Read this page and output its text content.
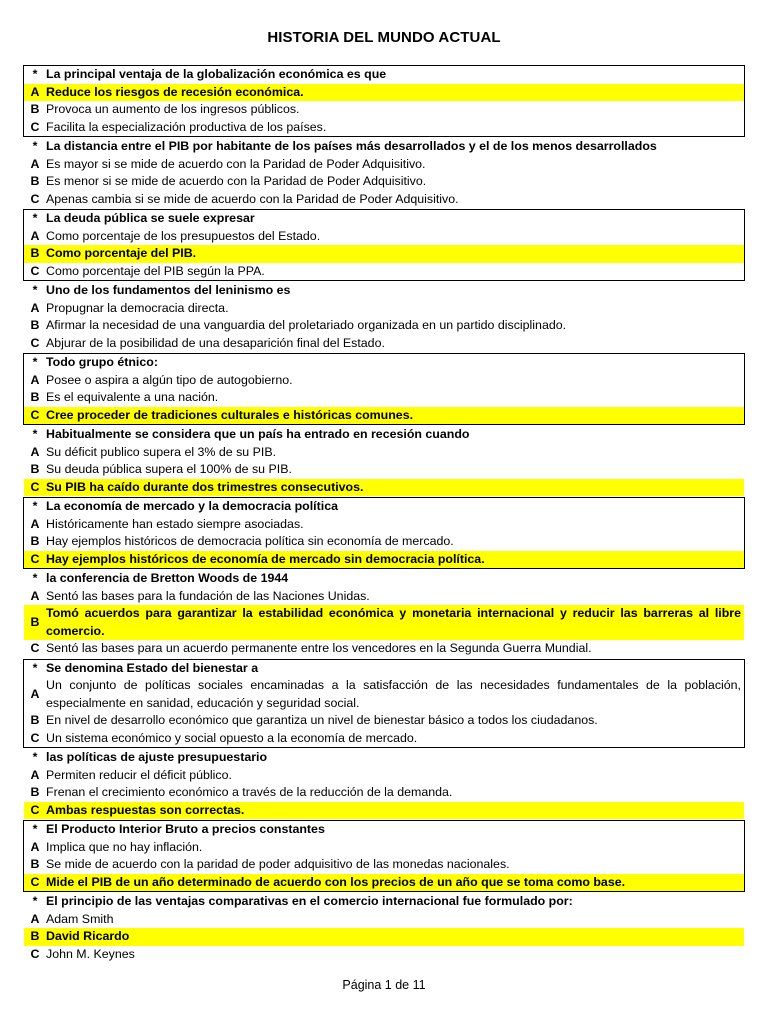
HISTORIA DEL MUNDO ACTUAL
* La principal ventaja de la globalización económica es que
A Reduce los riesgos de recesión económica.
B Provoca un aumento de los ingresos públicos.
C Facilita la especialización productiva de los países.
* La distancia entre el PIB por habitante de los países más desarrollados y el de los menos desarrollados
A Es mayor si se mide de acuerdo con la Paridad de Poder Adquisitivo.
B Es menor si se mide de acuerdo con la Paridad de Poder Adquisitivo.
C Apenas cambia si se mide de acuerdo con la Paridad de Poder Adquisitivo.
* La deuda pública se suele expresar
A Como porcentaje de los presupuestos del Estado.
B Como porcentaje del PIB.
C Como porcentaje del PIB según la PPA.
* Uno de los fundamentos del leninismo es
A Propugnar la democracia directa.
B Afirmar la necesidad de una vanguardia del proletariado organizada en un partido disciplinado.
C Abjurar de la posibilidad de una desaparición final del Estado.
* Todo grupo étnico:
A Posee o aspira a algún tipo de autogobierno.
B Es el equivalente a una nación.
C Cree proceder de tradiciones culturales e históricas comunes.
* Habitualmente se considera que un país ha entrado en recesión cuando
A Su déficit publico supera el 3% de su PIB.
B Su deuda pública supera el 100% de su PIB.
C Su PIB ha caído durante dos trimestres consecutivos.
* La economía de mercado y la democracia política
A Históricamente han estado siempre asociadas.
B Hay ejemplos históricos de democracia política sin economía de mercado.
C Hay ejemplos históricos de economía de mercado sin democracia política.
* la conferencia de Bretton Woods de 1944
A Sentó las bases para la fundación de las Naciones Unidas.
B
Tomó acuerdos para garantizar la estabilidad económica y monetaria internacional y reducir las barreras al libre comercio.
C Sentó las bases para un acuerdo permanente entre los vencedores en la Segunda Guerra Mundial.
* Se denomina Estado del bienestar a
A
Un conjunto de políticas sociales encaminadas a la satisfacción de las necesidades fundamentales de la población, especialmente en sanidad, educación y seguridad social.
B En nivel de desarrollo económico que garantiza un nivel de bienestar básico a todos los ciudadanos.
C Un sistema económico y social opuesto a la economía de mercado.
* las políticas de ajuste presupuestario
A Permiten reducir el déficit público.
B Frenan el crecimiento económico a través de la reducción de la demanda.
C Ambas respuestas son correctas.
* El Producto Interior Bruto a precios constantes
A Implica que no hay inflación.
B Se mide de acuerdo con la paridad de poder adquisitivo de las monedas nacionales.
C Mide el PIB de un año determinado de acuerdo con los precios de un año que se toma como base.
* El principio de las ventajas comparativas en el comercio internacional fue formulado por:
A Adam Smith
B David Ricardo
C John M. Keynes
Página 1 de 11
